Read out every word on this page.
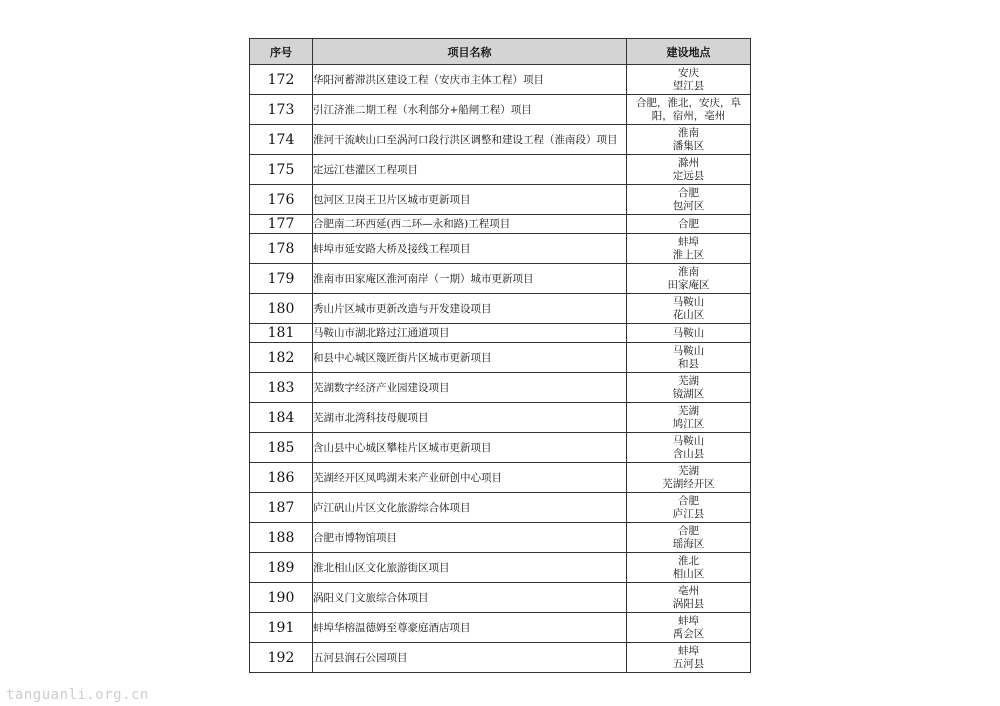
序号	项目名称	建设地点
172	华阳河蓄滞洪区建设工程（安庆市主体工程）项目	安庆
望江县

173	引江济淮二期工程（水利部分+船闸工程）项目	合肥，淮北，安庆，阜
阳，宿州，亳州

174	淮河干流峡山口至涡河口段行洪区调整和建设工程（淮南段）项目	淮南
潘集区

175	定远江巷灌区工程项目	滁州
定远县

176	包河区卫岗王卫片区城市更新项目	合肥
包河区

177	合肥南二环西延(西二环—永和路)工程项目	合肥

178	蚌埠市延安路大桥及接线工程项目	蚌埠
淮上区

179	淮南市田家庵区淮河南岸（一期）城市更新项目	淮南
田家庵区

180	秀山片区城市更新改造与开发建设项目	马鞍山
花山区

181	马鞍山市湖北路过江通道项目	马鞍山

182	和县中心城区篾匠街片区城市更新项目	马鞍山
和县

183	芜湖数字经济产业园建设项目	芜湖
镜湖区

184	芜湖市北湾科技母舰项目	芜湖
鸠江区

185	含山县中心城区攀桂片区城市更新项目	马鞍山
含山县

186	芜湖经开区凤鸣湖未来产业研创中心项目	芜湖
芜湖经开区

187	庐江矾山片区文化旅游综合体项目	合肥
庐江县

188	合肥市博物馆项目	合肥
瑶海区

189	淮北相山区文化旅游街区项目	淮北
相山区

190	涡阳义门文旅综合体项目	亳州
涡阳县

191	蚌埠华榕温德姆至尊豪庭酒店项目	蚌埠
禹会区

192	五河县润石公园项目	蚌埠
五河县
tanguanli.org.cn
